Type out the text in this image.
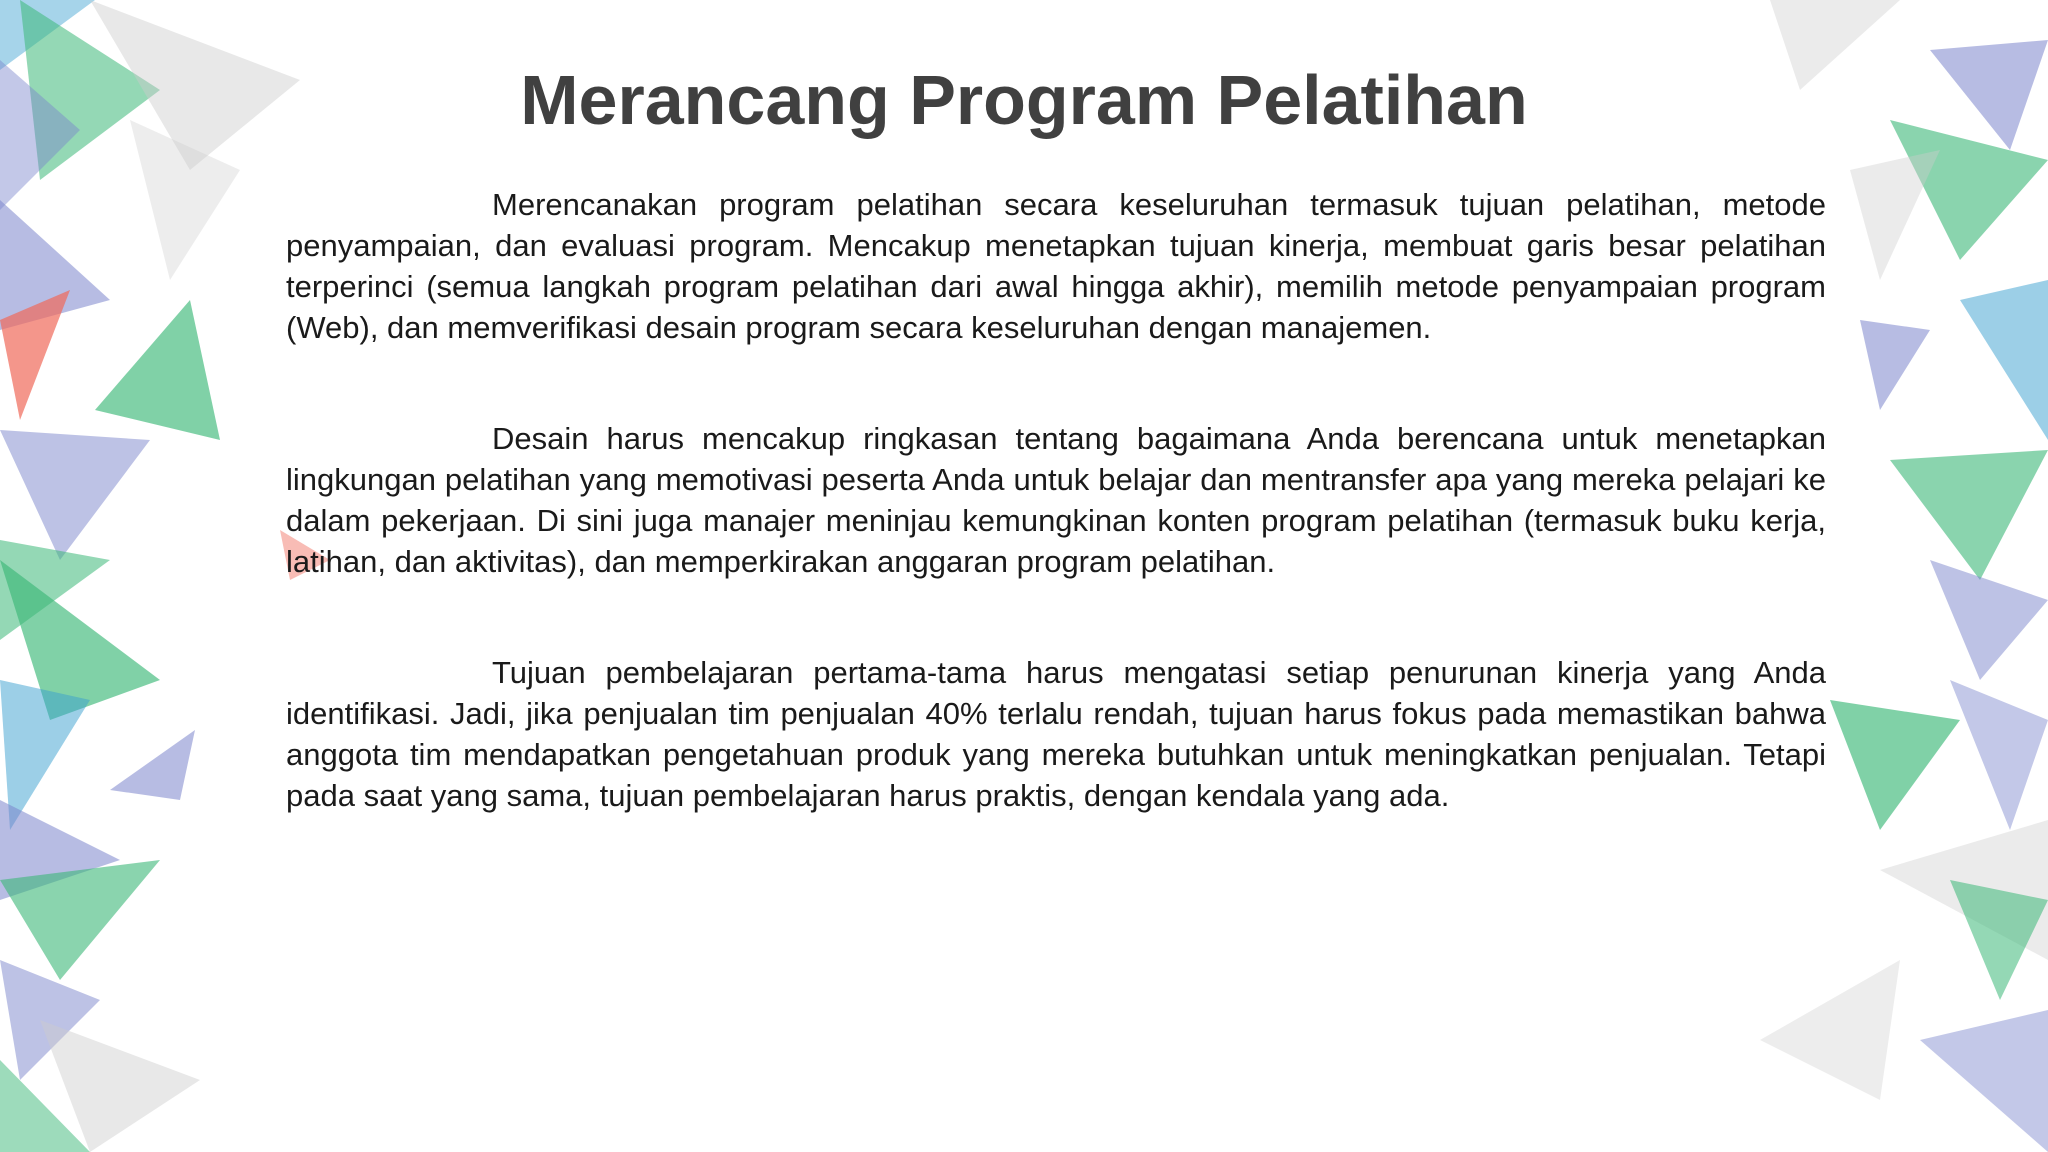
Merancang Program Pelatihan

Merencanakan program pelatihan secara keseluruhan termasuk tujuan pelatihan, metode penyampaian, dan evaluasi program. Mencakup menetapkan tujuan kinerja, membuat garis besar pelatihan terperinci (semua langkah program pelatihan dari awal hingga akhir), memilih metode penyampaian program (Web), dan memverifikasi desain program secara keseluruhan dengan manajemen.

Desain harus mencakup ringkasan tentang bagaimana Anda berencana untuk menetapkan lingkungan pelatihan yang memotivasi peserta Anda untuk belajar dan mentransfer apa yang mereka pelajari ke dalam pekerjaan. Di sini juga manajer meninjau kemungkinan konten program pelatihan (termasuk buku kerja, latihan, dan aktivitas), dan memperkirakan anggaran program pelatihan.

Tujuan pembelajaran pertama-tama harus mengatasi setiap penurunan kinerja yang Anda identifikasi. Jadi, jika penjualan tim penjualan 40% terlalu rendah, tujuan harus fokus pada memastikan bahwa anggota tim mendapatkan pengetahuan produk yang mereka butuhkan untuk meningkatkan penjualan. Tetapi pada saat yang sama, tujuan pembelajaran harus praktis, dengan kendala yang ada.
